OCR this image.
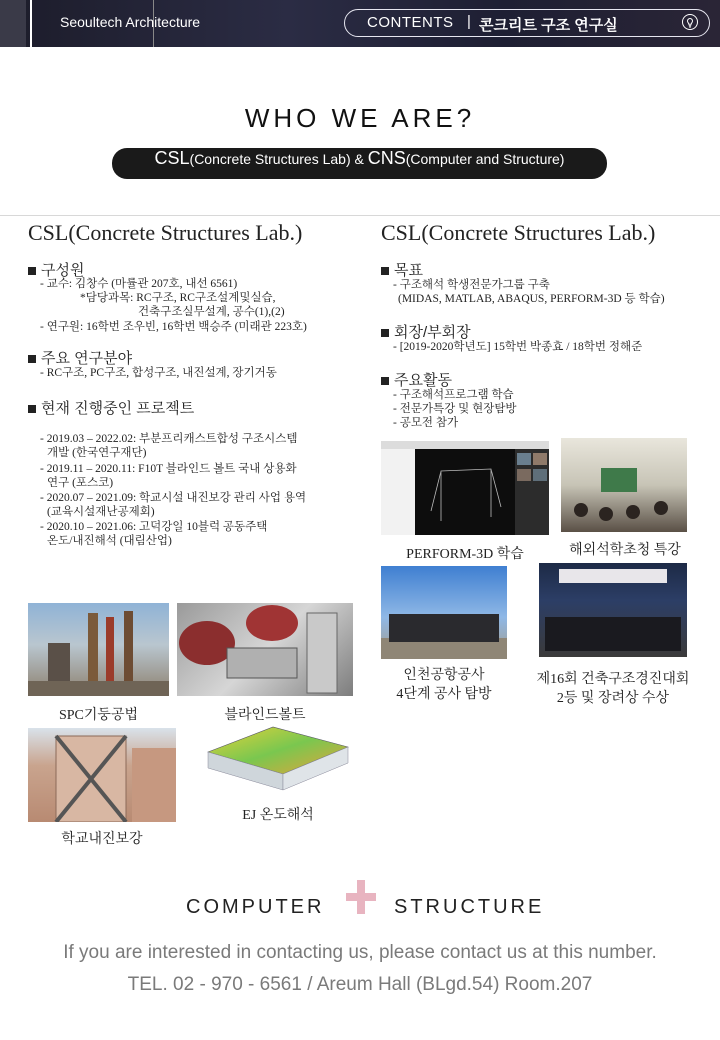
Seoultech Architecture	CONTENTS | 콘크리트 구조 연구실
WHO WE ARE?
CSL(Concrete Structures Lab) & CNS(Computer and Structure)
CSL(Concrete Structures Lab.)
구성원
- 교수: 김창수 (마률관 207호, 내선 6561)
*담당과목: RC구조, RC구조설계및실습,
건축구조실무설계, 공수(1),(2)
- 연구원: 16학번 조우빈, 16학번 백승주 (미래관 223호)
주요 연구분야
- RC구조, PC구조, 합성구조, 내진설계, 장기거동
현재 진행중인 프로젝트
- 2019.03 – 2022.02: 부분프리캐스트합성 구조시스템
개발 (한국연구재단)
- 2019.11 – 2020.11: F10T 블라인드 볼트 국내 상용화
연구 (포스코)
- 2020.07 – 2021.09: 학교시설 내진보강 관리 사업 용역
(교육시설재난공제회)
- 2020.10 – 2021.06: 고덕강일 10블럭 공동주택
온도/내진해석 (대림산업)
SPC기둥공법	블라인드볼트
학교내진보강
EJ 온도해석
CSL(Concrete Structures Lab.)
목표
- 구조해석 학생전문가그룹 구축
(MIDAS, MATLAB, ABAQUS, PERFORM-3D 등 학습)
회장/부회장
- [2019-2020학년도] 15학번 박종효 / 18학번 정해준
주요활동
- 구조해석프로그램 학습
- 전문가특강 및 현장탐방
- 공모전 참가
PERFORM-3D 학습	해외석학초청 특강
인천공항공사
4단계 공사 탐방
제16회 건축구조경진대회
2등 및 장려상 수상
COMPUTER	STRUCTURE
If you are interested in contacting us, please contact us at this number.
TEL. 02 - 970 - 6561 / Areum Hall (BLgd.54) Room.207
